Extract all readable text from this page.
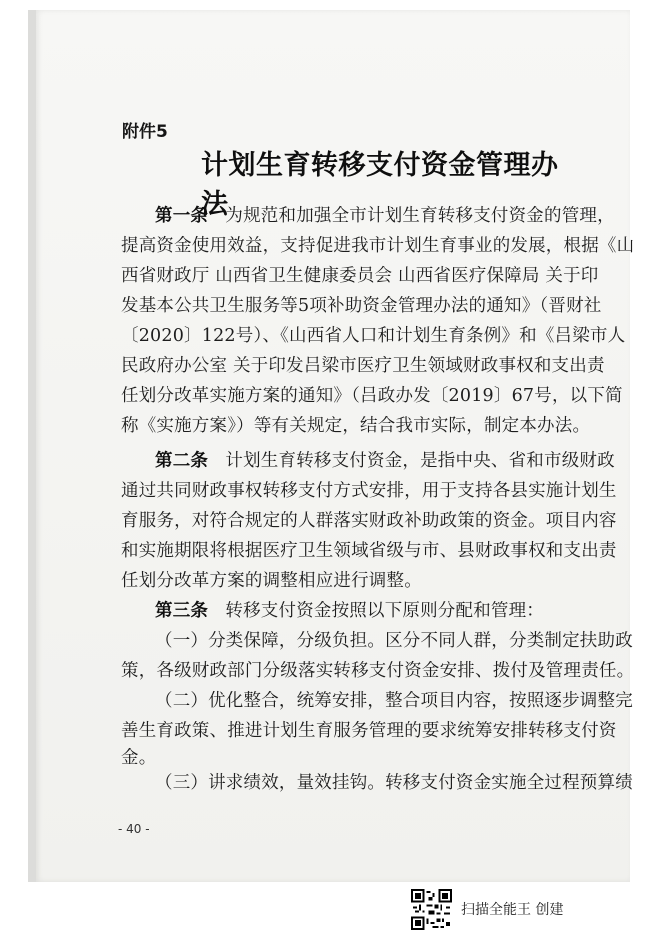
附件5
计划生育转移支付资金管理办法
第一条 为规范和加强全市计划生育转移支付资金的管理，
提高资金使用效益，支持促进我市计划生育事业的发展，根据《山
西省财政厅 山西省卫生健康委员会 山西省医疗保障局 关于印
发基本公共卫生服务等5项补助资金管理办法的通知》（晋财社
〔2020〕122号）、《山西省人口和计划生育条例》和《吕梁市人
民政府办公室 关于印发吕梁市医疗卫生领域财政事权和支出责
任划分改革实施方案的通知》（吕政办发〔2019〕67号，以下简
称《实施方案》）等有关规定，结合我市实际，制定本办法。
第二条 计划生育转移支付资金，是指中央、省和市级财政
通过共同财政事权转移支付方式安排，用于支持各县实施计划生
育服务，对符合规定的人群落实财政补助政策的资金。项目内容
和实施期限将根据医疗卫生领域省级与市、县财政事权和支出责
任划分改革方案的调整相应进行调整。
第三条 转移支付资金按照以下原则分配和管理：
（一）分类保障，分级负担。区分不同人群，分类制定扶助政
策，各级财政部门分级落实转移支付资金安排、拨付及管理责任。
（二）优化整合，统筹安排，整合项目内容，按照逐步调整完
善生育政策、推进计划生育服务管理的要求统筹安排转移支付资
金。
（三）讲求绩效，量效挂钩。转移支付资金实施全过程预算绩
- 40 -
扫描全能王 创建
